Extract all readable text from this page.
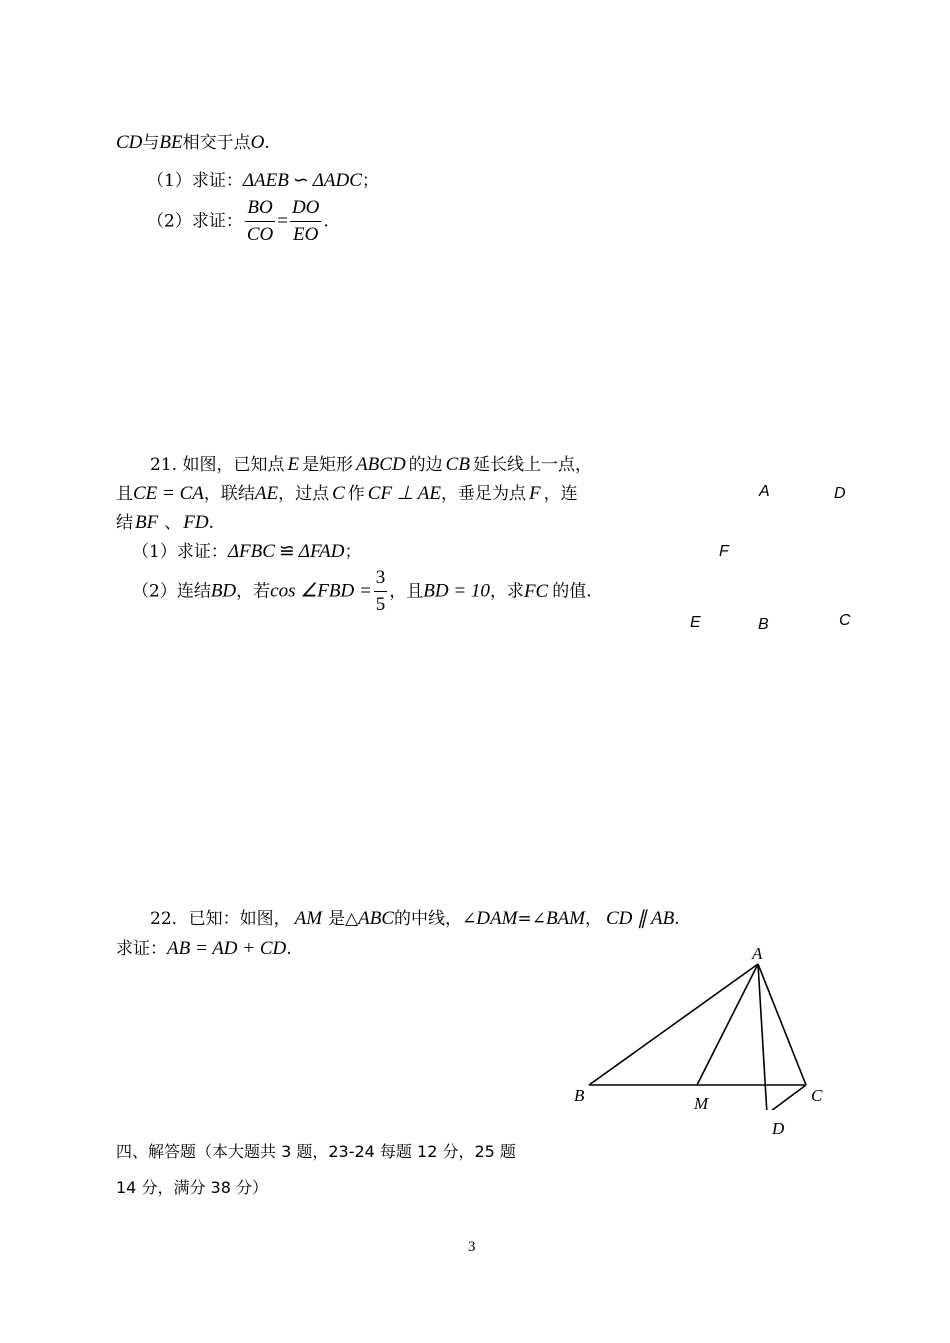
CD与BE相交于点O.
（1）求证：ΔAEB ∽ ΔADC；
（2）求证： $\frac{BO}{CO} = \frac{DO}{EO}$ .
21. 如图，已知点 E 是矩形 ABCD 的边 CB 延长线上一点，
且CE = CA，联结AE，过点 C 作 CF ⊥ AE，垂足为点 F ，连
结 BF 、 FD.
（1）求证：ΔFBC ≌ ΔFAD；
（2）连结BD，若cos ∠FBD = $\frac{3}{5}$ ，且BD = 10，求FC 的值.
A	D
F
E	B	C
22．已知：如图， AM 是△ABC的中线，∠DAM=∠BAM， CD ∥ AB.
求证：AB = AD + CD.	A
B	M	C
D
四、解答题（本大题共 3 题，23-24 每题 12 分，25 题
14 分，满分 38 分）
3
